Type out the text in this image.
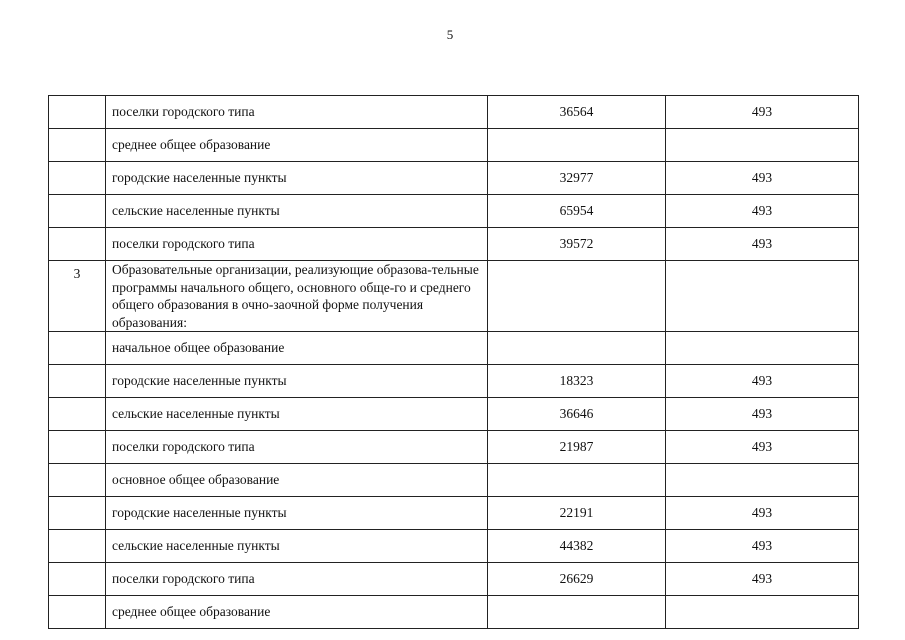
5
	поселки городского типа	36564	493
	среднее общее образование		
	городские населенные пункты	32977	493
	сельские населенные пункты	65954	493
	поселки городского типа	39572	493
3	Образовательные организации, реализующие образова-тельные программы начального общего, основного обще-го и среднего общего образования в очно-заочной форме получения образования:		
	начальное общее образование		
	городские населенные пункты	18323	493
	сельские населенные пункты	36646	493
	поселки городского типа	21987	493
	основное общее образование		
	городские населенные пункты	22191	493
	сельские населенные пункты	44382	493
	поселки городского типа	26629	493
	среднее общее образование		
